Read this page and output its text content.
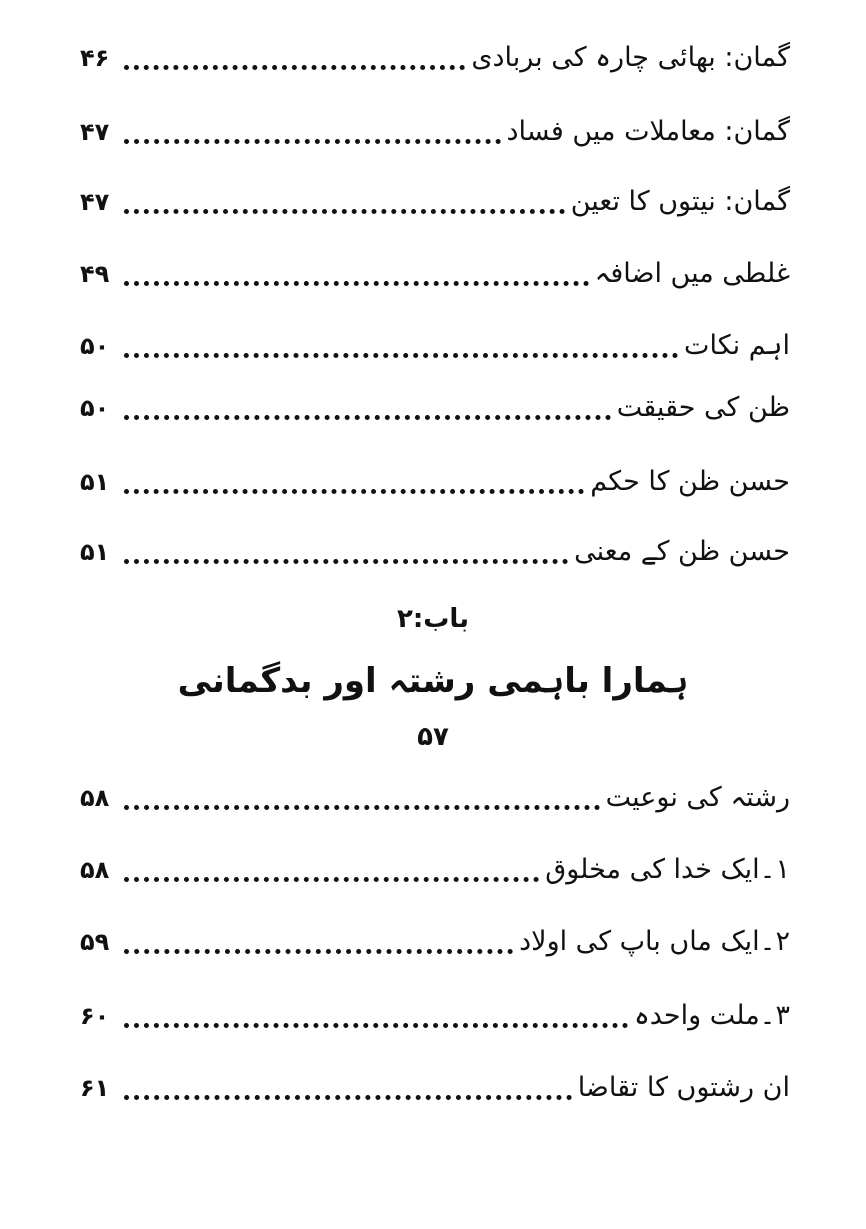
گمان: بھائی چارہ کی بربادی
۴۶
گمان: معاملات میں فساد
۴۷
گمان: نیتوں کا تعین
۴۷
غلطی میں اضافہ
۴۹
اہم نکات
۵۰
ظن کی حقیقت
۵۰
حسن ظن کا حکم
۵۱
حسن ظن کے معنی
۵۱
باب:۲
ہمارا باہمی رشتہ اور بدگمانی
۵۷
رشتہ کی نوعیت
۵۸
۱۔ایک خدا کی مخلوق
۵۸
۲۔ایک ماں باپ کی اولاد
۵۹
۳۔ملت واحدہ
۶۰
ان رشتوں کا تقاضا
۶۱
